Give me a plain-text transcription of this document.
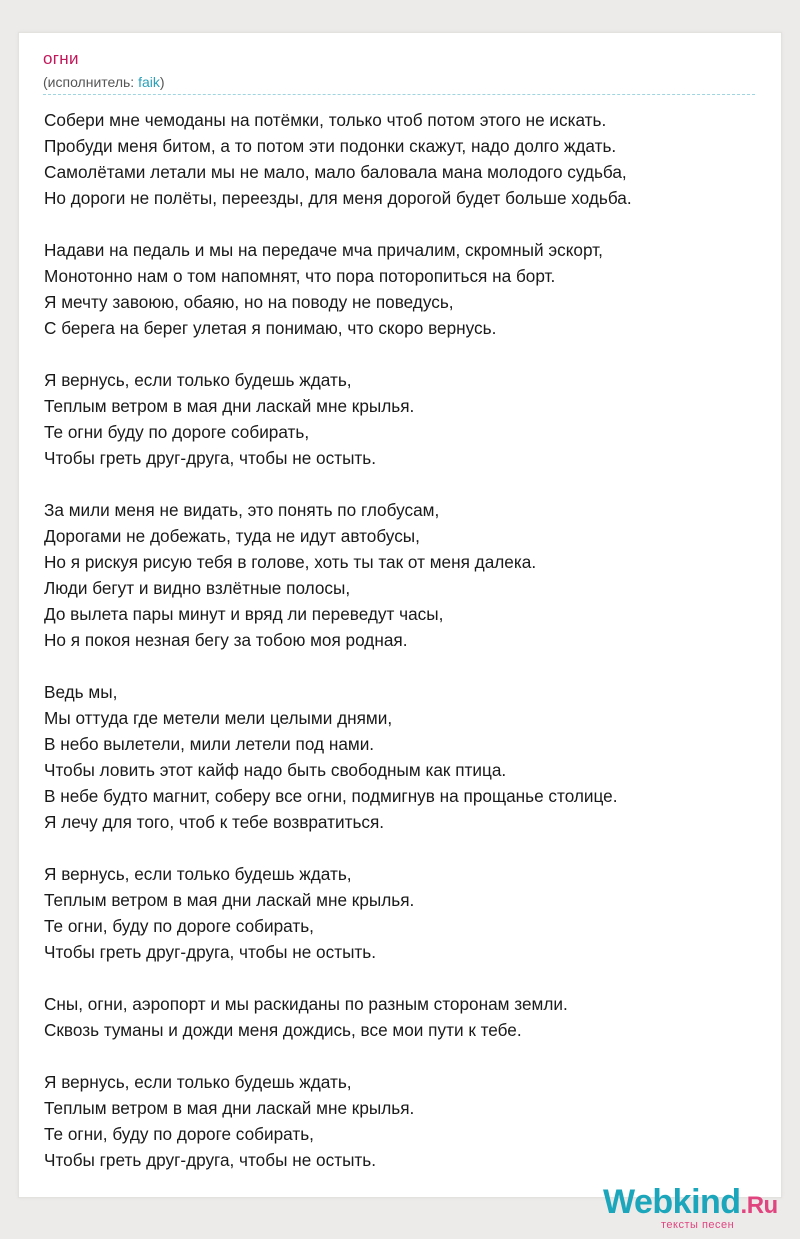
огни
(исполнитель: faik)
Собери мне чемоданы на потёмки, только чтоб потом этого не искать.
Пробуди меня битом, а то потом эти подонки скажут, надо долго ждать.
Самолётами летали мы не мало, мало баловала мана молодого судьба,
Но дороги не полёты, переезды, для меня дорогой будет больше ходьба.
Надави на педаль и мы на передаче мча причалим, скромный эскорт,
Монотонно нам о том напомнят, что пора поторопиться на борт.
Я мечту завоюю, обаяю, но на поводу не поведусь,
С берега на берег улетая я понимаю, что скоро вернусь.
Я вернусь, если только будешь ждать,
Теплым ветром в мая дни ласкай мне крылья.
Те огни буду по дороге собирать,
Чтобы греть друг-друга, чтобы не остыть.
За мили меня не видать, это понять по глобусам,
Дорогами не добежать, туда не идут автобусы,
Но я рискуя рисую тебя в голове, хоть ты так от меня далека.
Люди бегут и видно взлётные полосы,
До вылета пары минут и вряд ли переведут часы,
Но я покоя незная бегу за тобою моя родная.
Ведь мы,
Мы оттуда где метели мели целыми днями,
В небо вылетели, мили летели под нами.
Чтобы ловить этот кайф надо быть свободным как птица.
В небе будто магнит, соберу все огни, подмигнув на прощанье столице.
Я лечу для того, чтоб к тебе возвратиться.
Я вернусь, если только будешь ждать,
Теплым ветром в мая дни ласкай мне крылья.
Те огни, буду по дороге собирать,
Чтобы греть друг-друга, чтобы не остыть.
Сны, огни, аэропорт и мы раскиданы по разным сторонам земли.
Сквозь туманы и дожди меня дождись, все мои пути к тебе.
Я вернусь, если только будешь ждать,
Теплым ветром в мая дни ласкай мне крылья.
Те огни, буду по дороге собирать,
Чтобы греть друг-друга, чтобы не остыть.
Webkind.Ru
тексты песен
